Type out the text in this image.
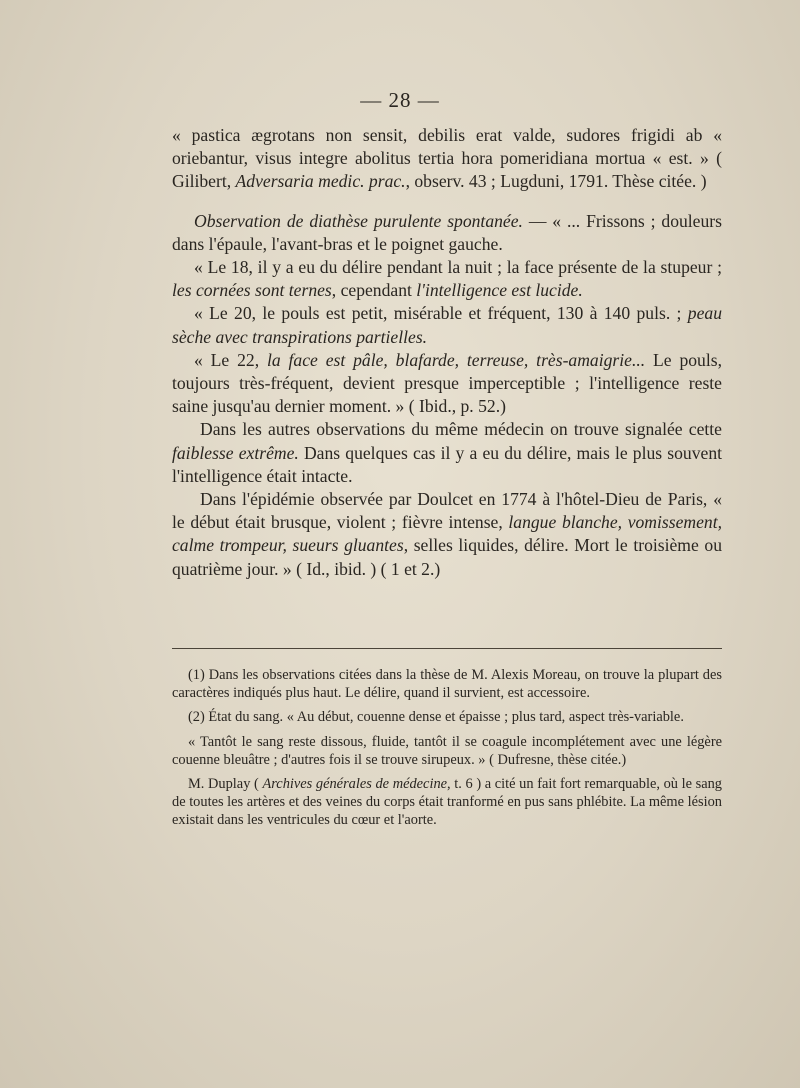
— 28 —

« pastica ægrotans non sensit, debilis erat valde, sudores frigidi ab « oriebantur, visus integre abolitus tertia hora pomeridiana mortua « est. » ( Gilibert, Adversaria medic. prac., observ. 43 ; Lugduni, 1791. Thèse citée. )

Observation de diathèse purulente spontanée. — « ... Frissons ; douleurs dans l'épaule, l'avant-bras et le poignet gauche.

« Le 18, il y a eu du délire pendant la nuit ; la face présente de la stupeur ; les cornées sont ternes, cependant l'intelligence est lucide.

« Le 20, le pouls est petit, misérable et fréquent, 130 à 140 puls. ; peau sèche avec transpirations partielles.

« Le 22, la face est pâle, blafarde, terreuse, très-amaigrie... Le pouls, toujours très-fréquent, devient presque imperceptible ; l'intelligence reste saine jusqu'au dernier moment. » ( Ibid., p. 52.)

Dans les autres observations du même médecin on trouve signalée cette faiblesse extrême. Dans quelques cas il y a eu du délire, mais le plus souvent l'intelligence était intacte.

Dans l'épidémie observée par Doulcet en 1774 à l'hôtel-Dieu de Paris, « le début était brusque, violent ; fièvre intense, langue blanche, vomissement, calme trompeur, sueurs gluantes, selles liquides, délire. Mort le troisième ou quatrième jour. » ( Id., ibid. ) ( 1 et 2.)

(1) Dans les observations citées dans la thèse de M. Alexis Moreau, on trouve la plupart des caractères indiqués plus haut. Le délire, quand il survient, est accessoire.

(2) État du sang. « Au début, couenne dense et épaisse ; plus tard, aspect très-variable.

« Tantôt le sang reste dissous, fluide, tantôt il se coagule incomplétement avec une légère couenne bleuâtre ; d'autres fois il se trouve sirupeux. » ( Dufresne, thèse citée.)

M. Duplay ( Archives générales de médecine, t. 6 ) a cité un fait fort remarquable, où le sang de toutes les artères et des veines du corps était tranformé en pus sans phlébite. La même lésion existait dans les ventricules du cœur et l'aorte.
